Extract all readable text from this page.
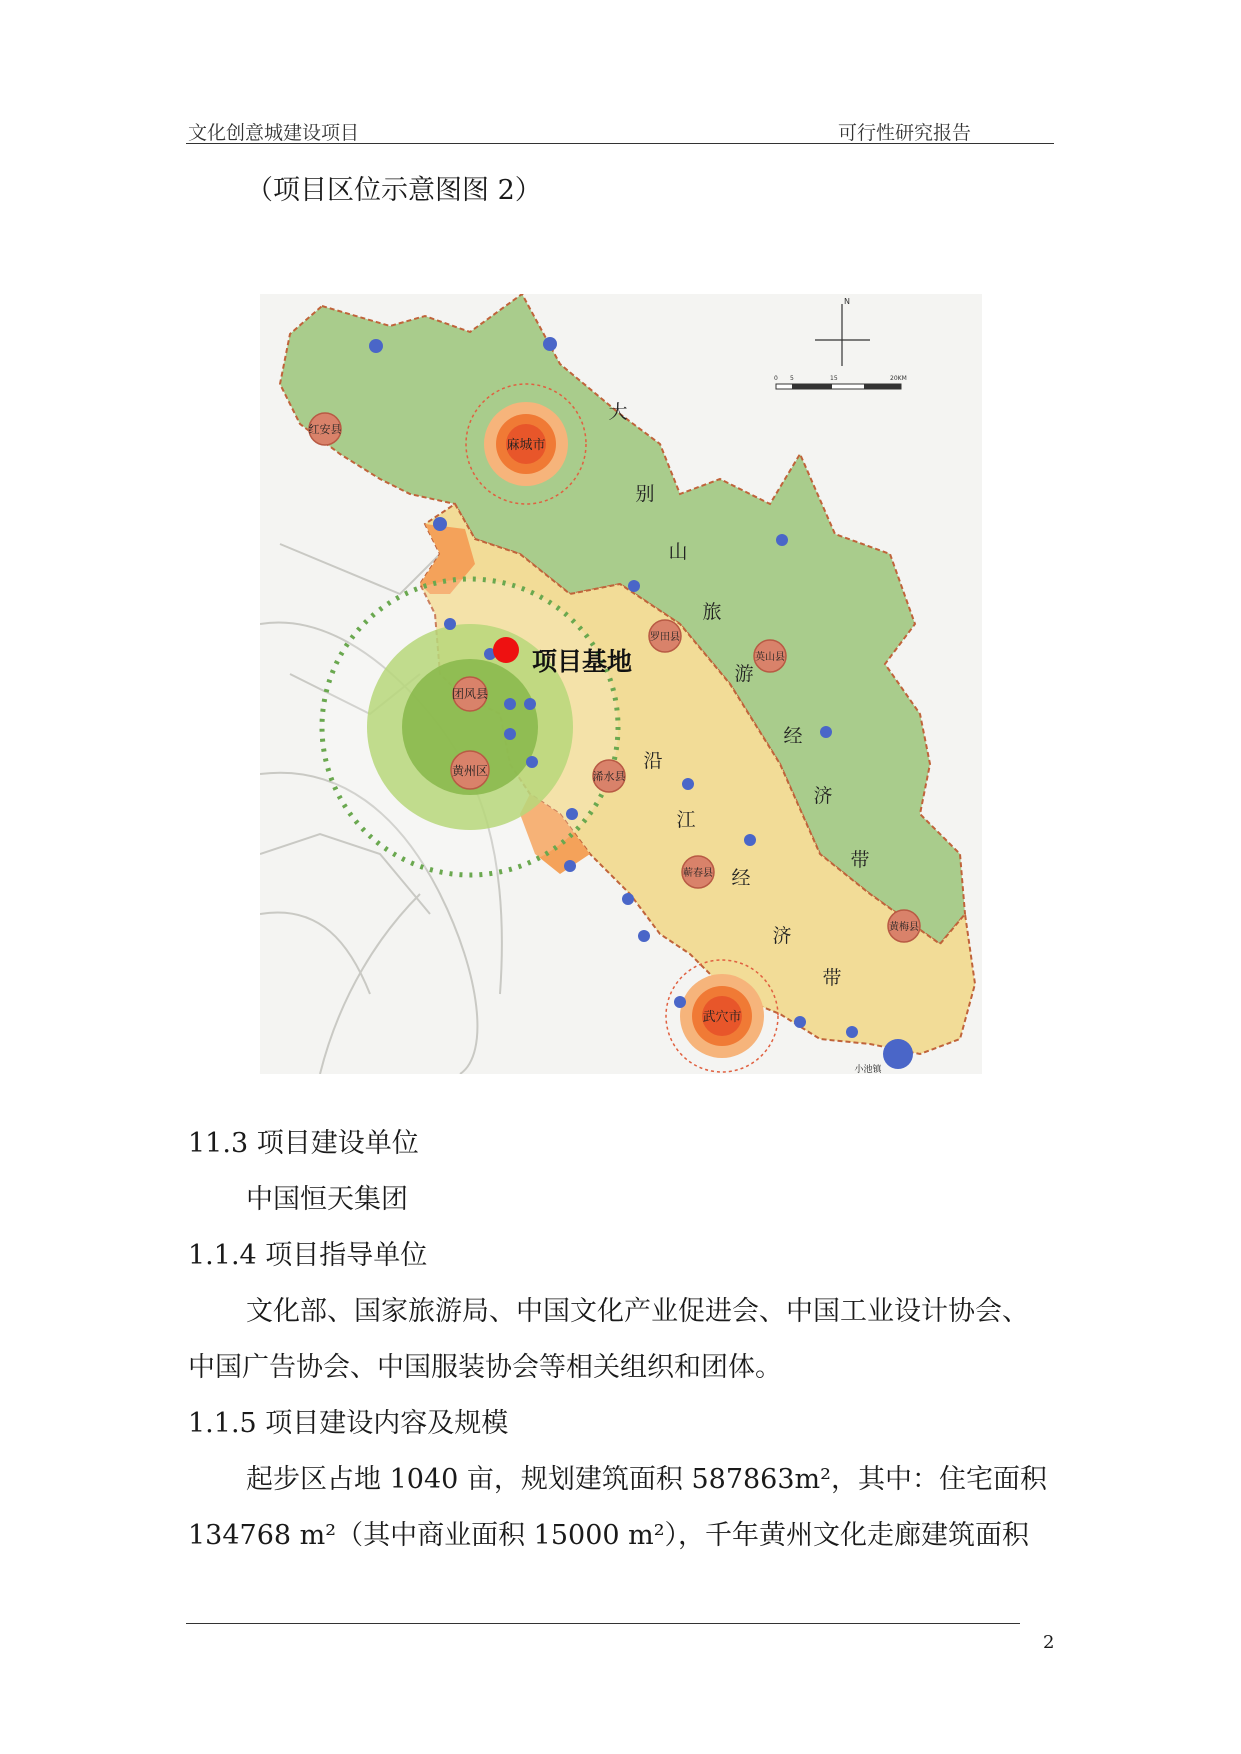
文化创意城建设项目	可行性研究报告
（项目区位示意图图 2）
N
0 5	15	20KM
麻城市
红安县
团风县
黄州区	浠水县
罗田县
英山县
蕲春县
黄梅县
武穴市
小池镇
项目基地
大
别
山
旅
游
经
济
带
沿
江
经
济
带
11.3 项目建设单位
中国恒天集团
1.1.4 项目指导单位
文化部、国家旅游局、中国文化产业促进会、中国工业设计协会、
中国广告协会、中国服装协会等相关组织和团体。
1.1.5 项目建设内容及规模
起步区占地 1040 亩，规划建筑面积 587863m²，其中：住宅面积
134768 m²（其中商业面积 15000 m²），千年黄州文化走廊建筑面积
2
